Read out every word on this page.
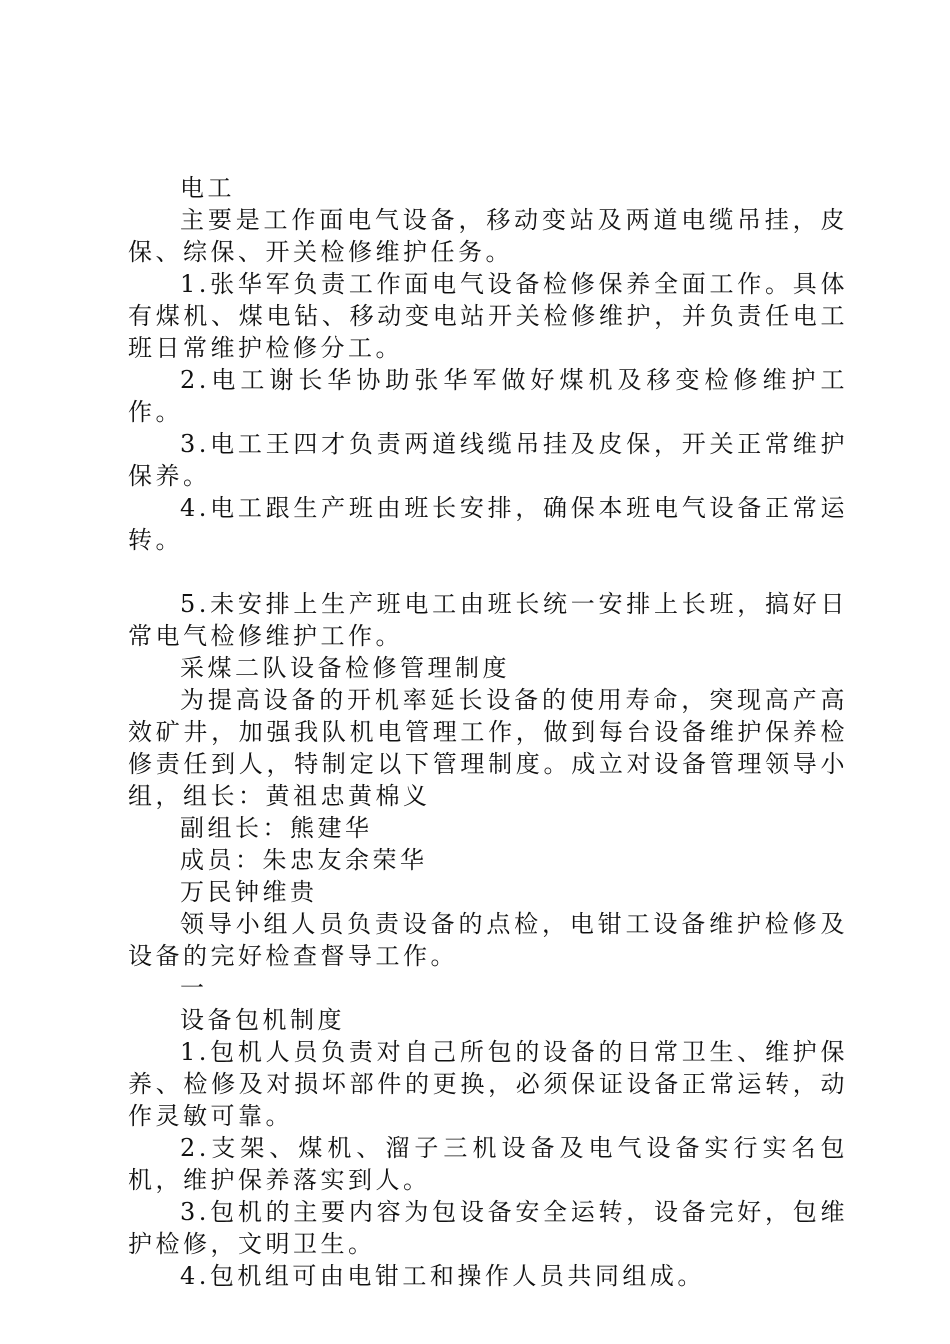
电工

主要是工作面电气设备，移动变站及两道电缆吊挂，皮保、综保、开关检修维护任务。

1.张华军负责工作面电气设备检修保养全面工作。具体有煤机、煤电钻、移动变电站开关检修维护，并负责任电工班日常维护检修分工。

2.电工谢长华协助张华军做好煤机及移变检修维护工作。

3.电工王四才负责两道线缆吊挂及皮保，开关正常维护保养。

4.电工跟生产班由班长安排，确保本班电气设备正常运转。

5.未安排上生产班电工由班长统一安排上长班，搞好日常电气检修维护工作。

采煤二队设备检修管理制度

为提高设备的开机率延长设备的使用寿命，突现高产高效矿井，加强我队机电管理工作，做到每台设备维护保养检修责任到人，特制定以下管理制度。成立对设备管理领导小组，组长：黄祖忠黄棉义

副组长：熊建华

成员：朱忠友余荣华

万民钟维贵

领导小组人员负责设备的点检，电钳工设备维护检修及设备的完好检查督导工作。

一

设备包机制度

1.包机人员负责对自己所包的设备的日常卫生、维护保养、检修及对损坏部件的更换，必须保证设备正常运转，动作灵敏可靠。

2.支架、煤机、溜子三机设备及电气设备实行实名包机，维护保养落实到人。

3.包机的主要内容为包设备安全运转，设备完好，包维护检修，文明卫生。

4.包机组可由电钳工和操作人员共同组成。
